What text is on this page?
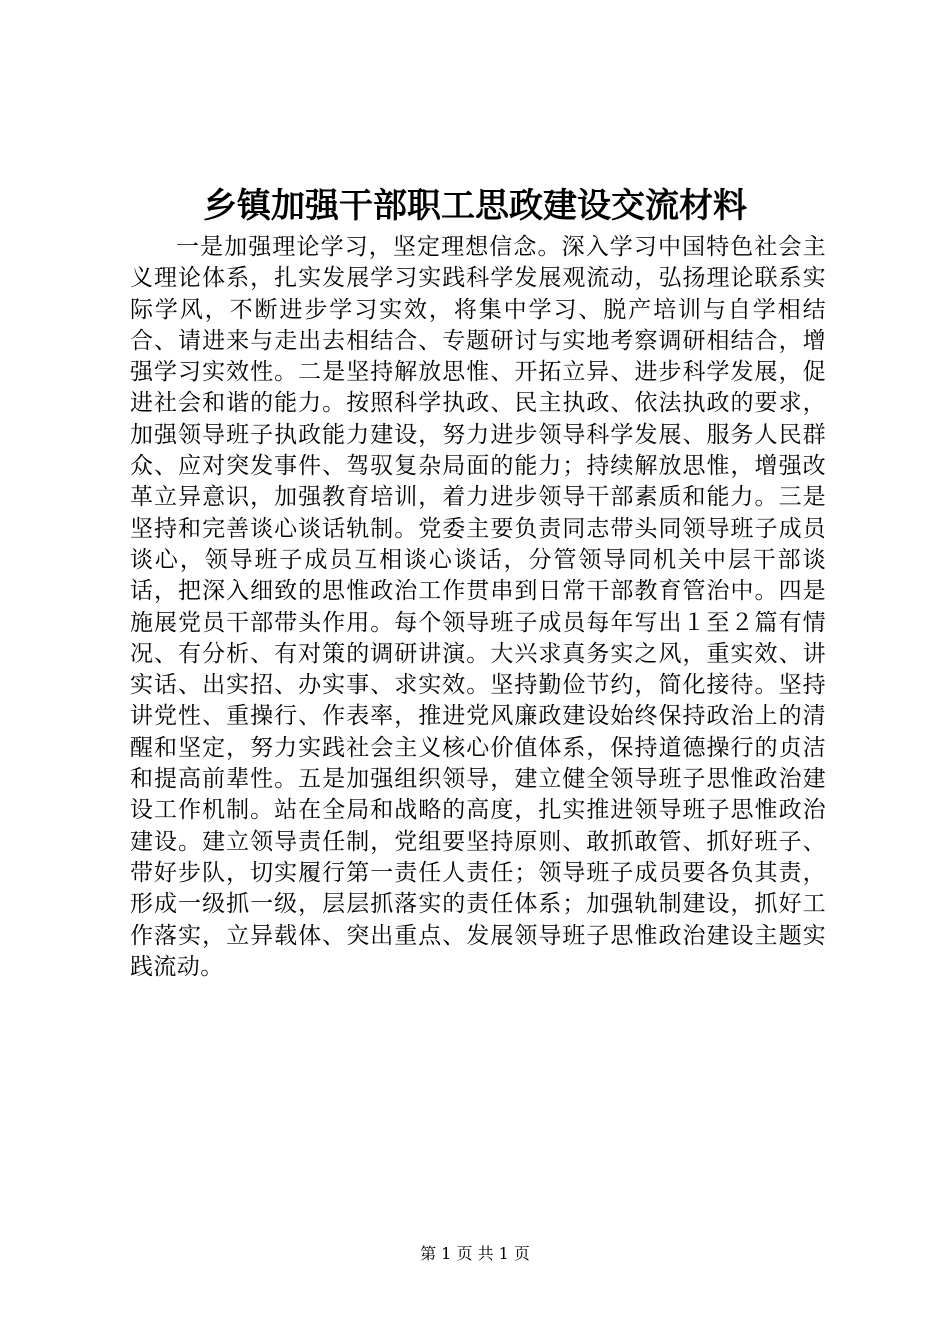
乡镇加强干部职工思政建设交流材料

一是加强理论学习，坚定理想信念。深入学习中国特色社会主义理论体系，扎实发展学习实践科学发展观流动，弘扬理论联系实际学风，不断进步学习实效，将集中学习、脱产培训与自学相结合、请进来与走出去相结合、专题研讨与实地考察调研相结合，增强学习实效性。二是坚持解放思惟、开拓立异、进步科学发展，促进社会和谐的能力。按照科学执政、民主执政、依法执政的要求，加强领导班子执政能力建设，努力进步领导科学发展、服务人民群众、应对突发事件、驾驭复杂局面的能力；持续解放思惟，增强改革立异意识，加强教育培训，着力进步领导干部素质和能力。三是坚持和完善谈心谈话轨制。党委主要负责同志带头同领导班子成员谈心，领导班子成员互相谈心谈话，分管领导同机关中层干部谈话，把深入细致的思惟政治工作贯串到日常干部教育管治中。四是施展党员干部带头作用。每个领导班子成员每年写出１至２篇有情况、有分析、有对策的调研讲演。大兴求真务实之风，重实效、讲实话、出实招、办实事、求实效。坚持勤俭节约，简化接待。坚持讲党性、重操行、作表率，推进党风廉政建设始终保持政治上的清醒和坚定，努力实践社会主义核心价值体系，保持道德操行的贞洁和提高前辈性。五是加强组织领导，建立健全领导班子思惟政治建设工作机制。站在全局和战略的高度，扎实推进领导班子思惟政治建设。建立领导责任制，党组要坚持原则、敢抓敢管、抓好班子、带好步队，切实履行第一责任人责任；领导班子成员要各负其责，形成一级抓一级，层层抓落实的责任体系；加强轨制建设，抓好工作落实，立异载体、突出重点、发展领导班子思惟政治建设主题实践流动。

第 1 页 共 1 页
